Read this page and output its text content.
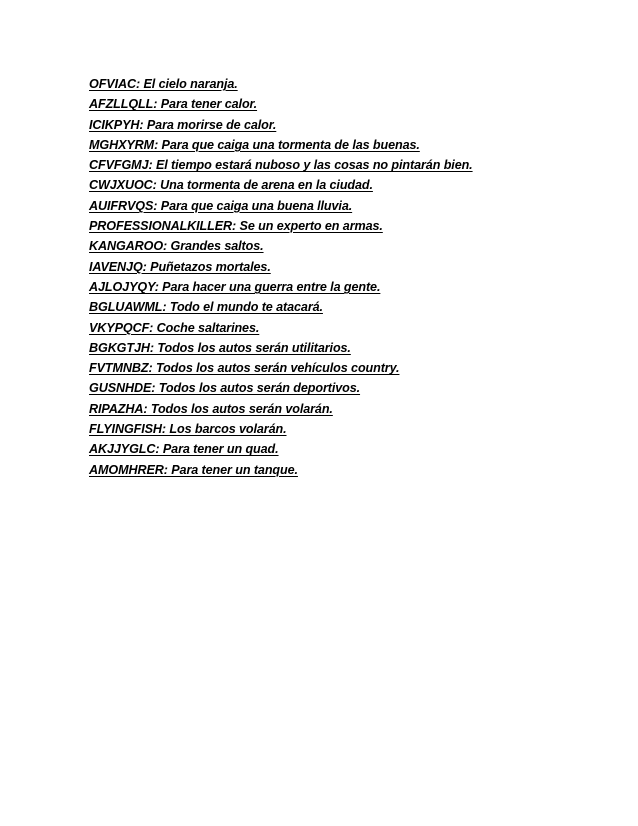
OFVIAC: El cielo naranja.
AFZLLQLL: Para tener calor.
ICIKPYH: Para morirse de calor.
MGHXYRM: Para que caiga una tormenta de las buenas.
CFVFGMJ: El tiempo estará nuboso y las cosas no pintarán bien.
CWJXUOC: Una tormenta de arena en la ciudad.
AUIFRVQS: Para que caiga una buena lluvia.
PROFESSIONALKILLER: Se un experto en armas.
KANGAROO: Grandes saltos.
IAVENJQ: Puñetazos mortales.
AJLOJYQY: Para hacer una guerra entre la gente.
BGLUAWML: Todo el mundo te atacará.
VKYPQCF: Coche saltarines.
BGKGTJH: Todos los autos serán utilitarios.
FVTMNBZ: Todos los autos serán vehículos country.
GUSNHDE: Todos los autos serán deportivos.
RIPAZHA: Todos los autos serán volarán.
FLYINGFISH: Los barcos volarán.
AKJJYGLC: Para tener un quad.
AMOMHRER: Para tener un tanque.
